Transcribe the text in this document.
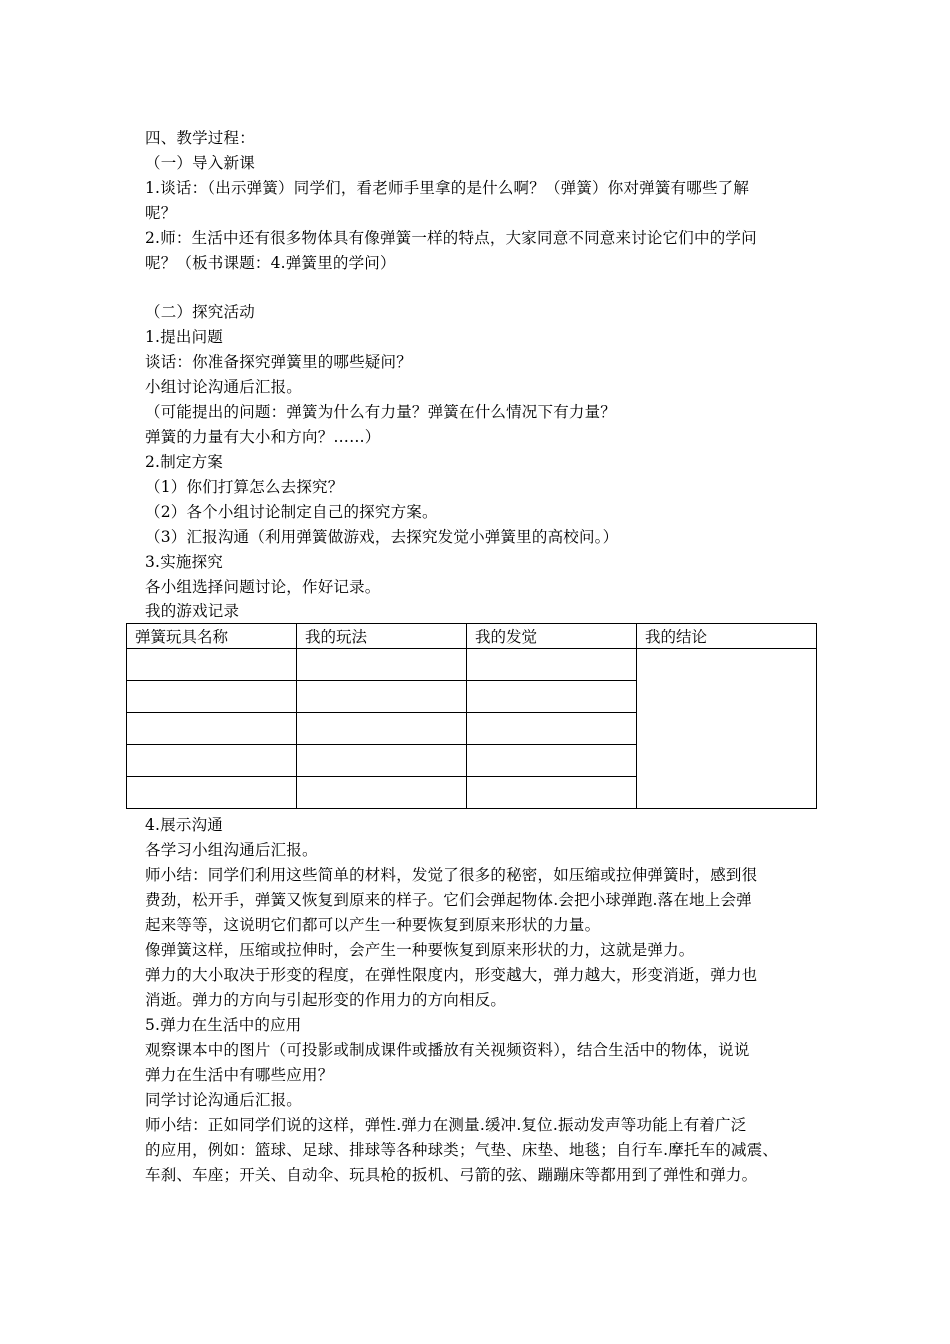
四、教学过程：
（一）导入新课
1.谈话：（出示弹簧）同学们，看老师手里拿的是什么啊？（弹簧）你对弹簧有哪些了解
呢？
2.师：生活中还有很多物体具有像弹簧一样的特点，大家同意不同意来讨论它们中的学问
呢？（板书课题：4.弹簧里的学问）
（二）探究活动
1.提出问题
谈话：你准备探究弹簧里的哪些疑问？
小组讨论沟通后汇报。
（可能提出的问题：弹簧为什么有力量？弹簧在什么情况下有力量？
弹簧的力量有大小和方向？……）
2.制定方案
（1）你们打算怎么去探究？
（2）各个小组讨论制定自己的探究方案。
（3）汇报沟通（利用弹簧做游戏，去探究发觉小弹簧里的高校问。）
3.实施探究
各小组选择问题讨论，作好记录。
我的游戏记录
弹簧玩具名称	我的玩法	我的发觉	我的结论

4.展示沟通
各学习小组沟通后汇报。
师小结：同学们利用这些简单的材料，发觉了很多的秘密，如压缩或拉伸弹簧时，感到很
费劲，松开手，弹簧又恢复到原来的样子。它们会弹起物体.会把小球弹跑.落在地上会弹
起来等等，这说明它们都可以产生一种要恢复到原来形状的力量。
像弹簧这样，压缩或拉伸时，会产生一种要恢复到原来形状的力，这就是弹力。
弹力的大小取决于形变的程度，在弹性限度内，形变越大，弹力越大，形变消逝，弹力也
消逝。弹力的方向与引起形变的作用力的方向相反。
5.弹力在生活中的应用
观察课本中的图片（可投影或制成课件或播放有关视频资料），结合生活中的物体，说说
弹力在生活中有哪些应用？
同学讨论沟通后汇报。
师小结：正如同学们说的这样，弹性.弹力在测量.缓冲.复位.振动发声等功能上有着广泛
的应用，例如：篮球、足球、排球等各种球类；气垫、床垫、地毯；自行车.摩托车的减震、
车刹、车座；开关、自动伞、玩具枪的扳机、弓箭的弦、蹦蹦床等都用到了弹性和弹力。
